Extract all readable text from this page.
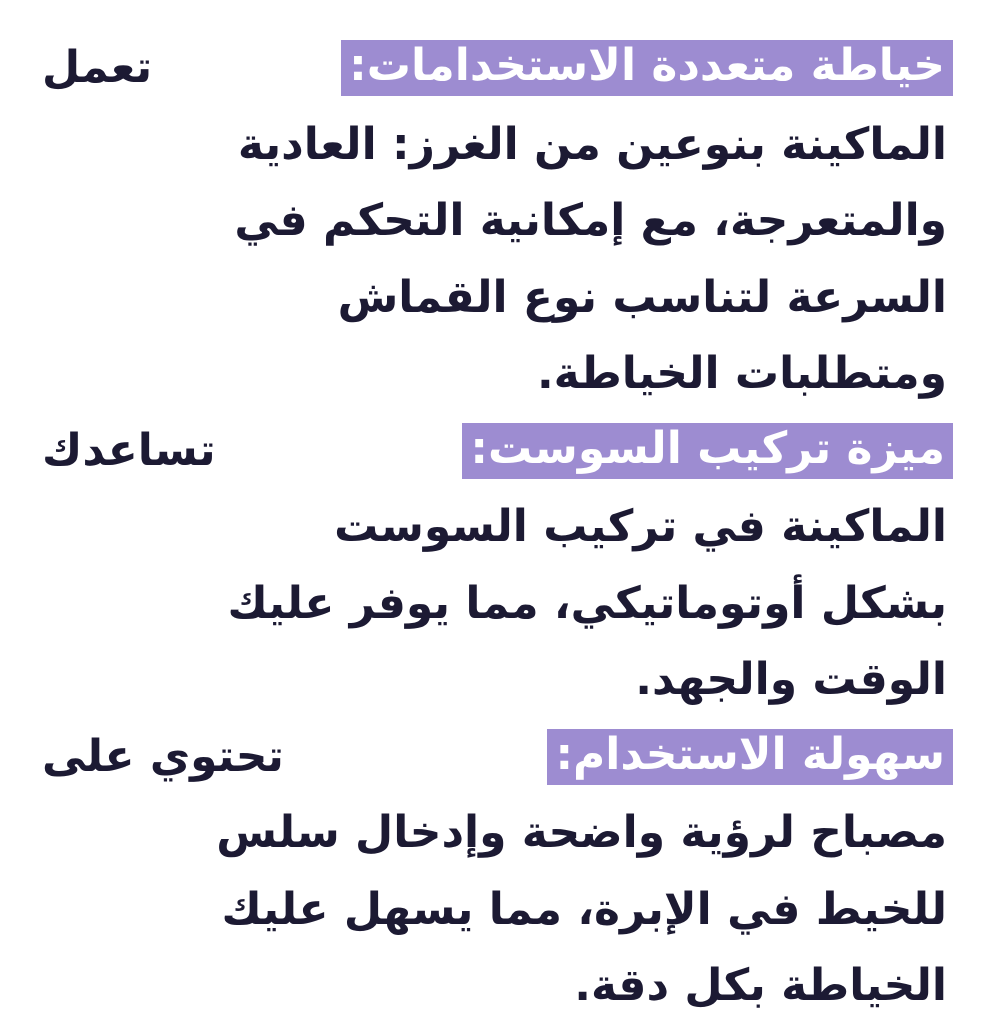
خياطة متعددة الاستخدامات:
تعمل
الماكينة بنوعين من الغرز: العادية
والمتعرجة، مع إمكانية التحكم في
السرعة لتناسب نوع القماش
ومتطلبات الخياطة.
ميزة تركيب السوست:
تساعدك
الماكينة في تركيب السوست
بشكل أوتوماتيكي، مما يوفر عليك
الوقت والجهد.
سهولة الاستخدام:
تحتوي على
مصباح لرؤية واضحة وإدخال سلس
للخيط في الإبرة، مما يسهل عليك
الخياطة بكل دقة.
